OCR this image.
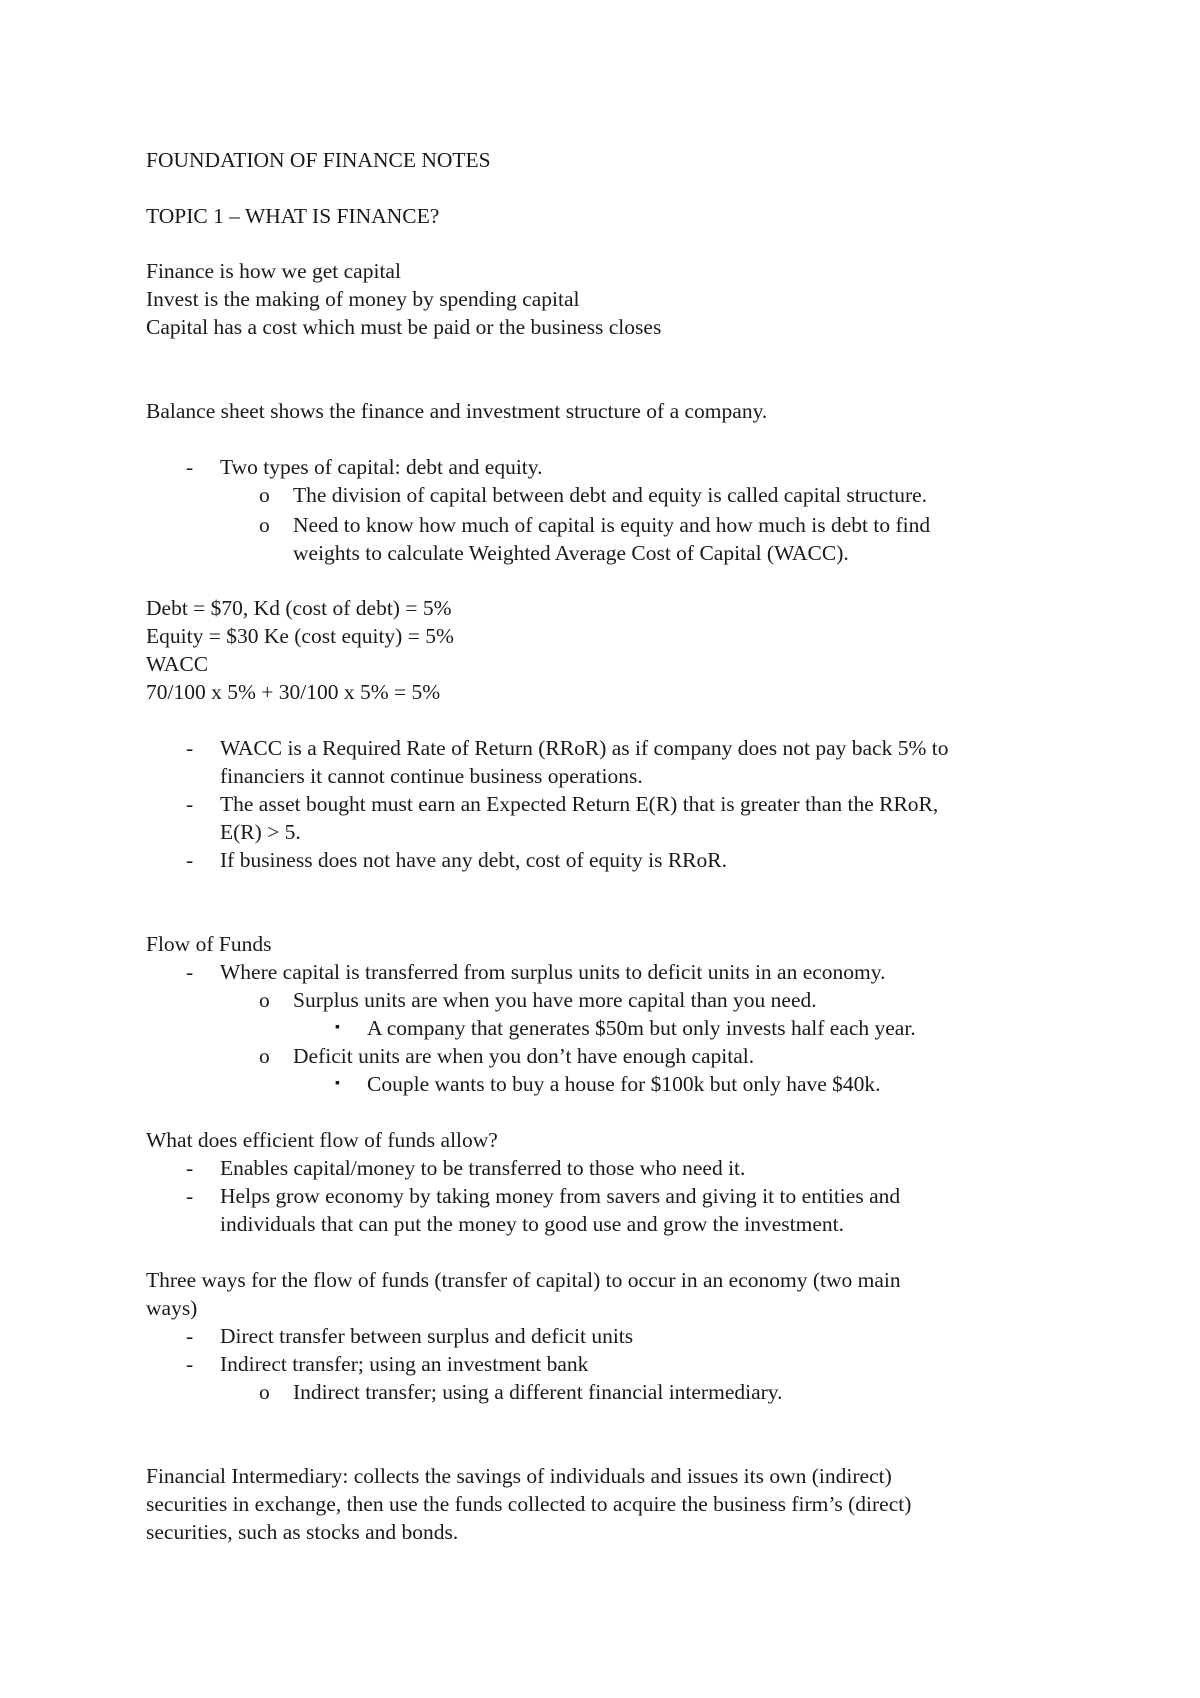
FOUNDATION OF FINANCE NOTES
TOPIC 1 – WHAT IS FINANCE?
Finance is how we get capital
Invest is the making of money by spending capital
Capital has a cost which must be paid or the business closes
Balance sheet shows the finance and investment structure of a company.
- Two types of capital: debt and equity.
o The division of capital between debt and equity is called capital structure.
o Need to know how much of capital is equity and how much is debt to find
weights to calculate Weighted Average Cost of Capital (WACC).
Debt = $70, Kd (cost of debt) = 5%
Equity = $30 Ke (cost equity) = 5%
WACC
70/100 x 5% + 30/100 x 5% = 5%
- WACC is a Required Rate of Return (RRoR) as if company does not pay back 5% to
financiers it cannot continue business operations.
- The asset bought must earn an Expected Return E(R) that is greater than the RRoR,
E(R) > 5.
- If business does not have any debt, cost of equity is RRoR.
Flow of Funds
- Where capital is transferred from surplus units to deficit units in an economy.
o Surplus units are when you have more capital than you need.
▪ A company that generates $50m but only invests half each year.
o Deficit units are when you don’t have enough capital.
▪ Couple wants to buy a house for $100k but only have $40k.
What does efficient flow of funds allow?
- Enables capital/money to be transferred to those who need it.
- Helps grow economy by taking money from savers and giving it to entities and
individuals that can put the money to good use and grow the investment.
Three ways for the flow of funds (transfer of capital) to occur in an economy (two main
ways)
- Direct transfer between surplus and deficit units
- Indirect transfer; using an investment bank
o Indirect transfer; using a different financial intermediary.
Financial Intermediary: collects the savings of individuals and issues its own (indirect)
securities in exchange, then use the funds collected to acquire the business firm’s (direct)
securities, such as stocks and bonds.
